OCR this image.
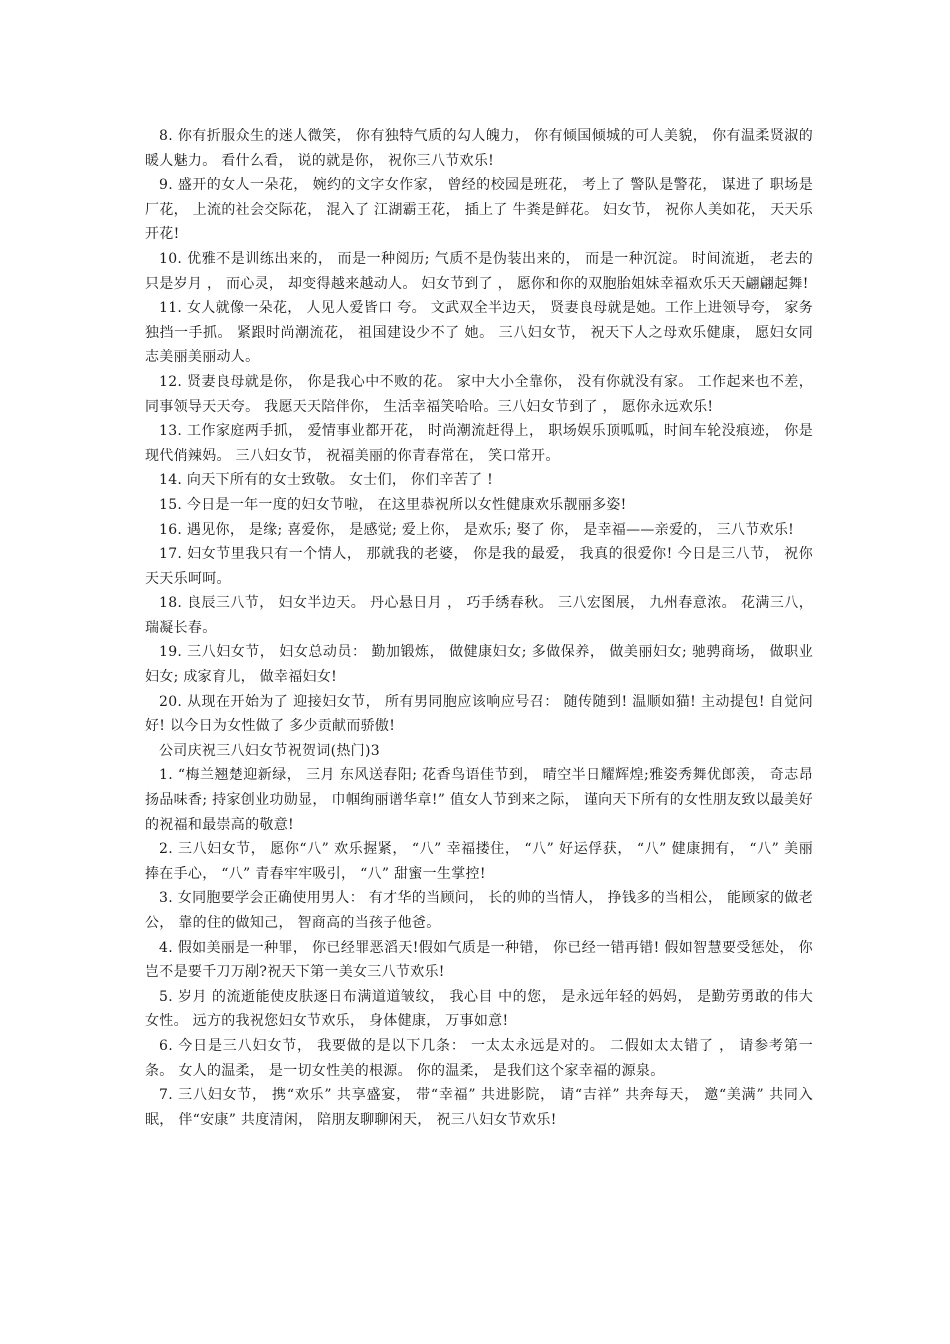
8. 你有折服众生的迷人微笑， 你有独特气质的勾人魄力， 你有倾国倾城的可人美貌， 你有温柔贤淑的暖人魅力。 看什么看， 说的就是你， 祝你三八节欢乐!

9. 盛开的女人一朵花， 婉约的文字女作家， 曾经的校园是班花， 考上了 警队是警花， 谋进了 职场是厂花， 上流的社会交际花， 混入了 江湖霸王花， 插上了 牛粪是鲜花。 妇女节， 祝你人美如花， 天天乐开花!

10. 优雅不是训练出来的， 而是一种阅历; 气质不是伪装出来的， 而是一种沉淀。 时间流逝， 老去的只是岁月 ， 而心灵， 却变得越来越动人。 妇女节到了 ， 愿你和你的双胞胎姐妹幸福欢乐天天翩翩起舞!

11. 女人就像一朵花， 人见人爱皆口 夸。 文武双全半边天， 贤妻良母就是她。工作上进领导夸， 家务独挡一手抓。 紧跟时尚潮流花， 祖国建设少不了 她。 三八妇女节， 祝天下人之母欢乐健康， 愿妇女同志美丽美丽动人。

12. 贤妻良母就是你， 你是我心中不败的花。 家中大小全靠你， 没有你就没有家。 工作起来也不差， 同事领导天天夸。 我愿天天陪伴你， 生活幸福笑哈哈。三八妇女节到了 ， 愿你永远欢乐!

13. 工作家庭两手抓， 爱情事业都开花， 时尚潮流赶得上， 职场娱乐顶呱呱，时间车轮没痕迹， 你是现代俏辣妈。 三八妇女节， 祝福美丽的你青春常在， 笑口常开。

14. 向天下所有的女士致敬。 女士们， 你们辛苦了 !

15. 今日是一年一度的妇女节啦， 在这里恭祝所以女性健康欢乐靓丽多姿!

16. 遇见你， 是缘; 喜爱你， 是感觉; 爱上你， 是欢乐; 娶了 你， 是幸福——亲爱的， 三八节欢乐!

17. 妇女节里我只有一个情人， 那就我的老婆， 你是我的最爱， 我真的很爱你! 今日是三八节， 祝你天天乐呵呵。

18. 良辰三八节， 妇女半边天。 丹心悬日月 ， 巧手绣春秋。 三八宏图展， 九州春意浓。 花满三八， 瑞凝长春。

19. 三八妇女节， 妇女总动员： 勤加锻炼， 做健康妇女; 多做保养， 做美丽妇女; 驰骋商场， 做职业妇女; 成家育儿， 做幸福妇女!

20. 从现在开始为了 迎接妇女节， 所有男同胞应该响应号召： 随传随到! 温顺如猫! 主动提包! 自觉问好! 以今日为女性做了 多少贡献而骄傲!

公司庆祝三八妇女节祝贺词(热门)3

1. “梅兰翘楚迎新绿， 三月 东风送春阳; 花香鸟语佳节到， 晴空半日耀辉煌;雅姿秀舞优郎羡， 奇志昂扬品味香; 持家创业功勋显， 巾帼绚丽谱华章!” 值女人节到来之际， 谨向天下所有的女性朋友致以最美好的祝福和最崇高的敬意!

2. 三八妇女节， 愿你“八” 欢乐握紧， “八” 幸福搂住， “八” 好运俘获， “八” 健康拥有， “八” 美丽捧在手心， “八” 青春牢牢吸引， “八” 甜蜜一生掌控!

3. 女同胞要学会正确使用男人： 有才华的当顾问， 长的帅的当情人， 挣钱多的当相公， 能顾家的做老公， 靠的住的做知己， 智商高的当孩子他爸。

4. 假如美丽是一种罪， 你已经罪恶滔天!假如气质是一种错， 你已经一错再错! 假如智慧要受惩处， 你岂不是要千刀万剐?祝天下第一美女三八节欢乐!

5. 岁月 的流逝能使皮肤逐日布满道道皱纹， 我心目 中的您， 是永远年轻的妈妈， 是勤劳勇敢的伟大女性。 远方的我祝您妇女节欢乐， 身体健康， 万事如意!

6. 今日是三八妇女节， 我要做的是以下几条： 一太太永远是对的。 二假如太太错了 ， 请参考第一条。 女人的温柔， 是一切女性美的根源。 你的温柔， 是我们这个家幸福的源泉。

7. 三八妇女节， 携“欢乐” 共享盛宴， 带“幸福” 共进影院， 请“吉祥” 共奔每天， 邀“美满” 共同入眠， 伴“安康” 共度清闲， 陪朋友聊聊闲天， 祝三八妇女节欢乐!
